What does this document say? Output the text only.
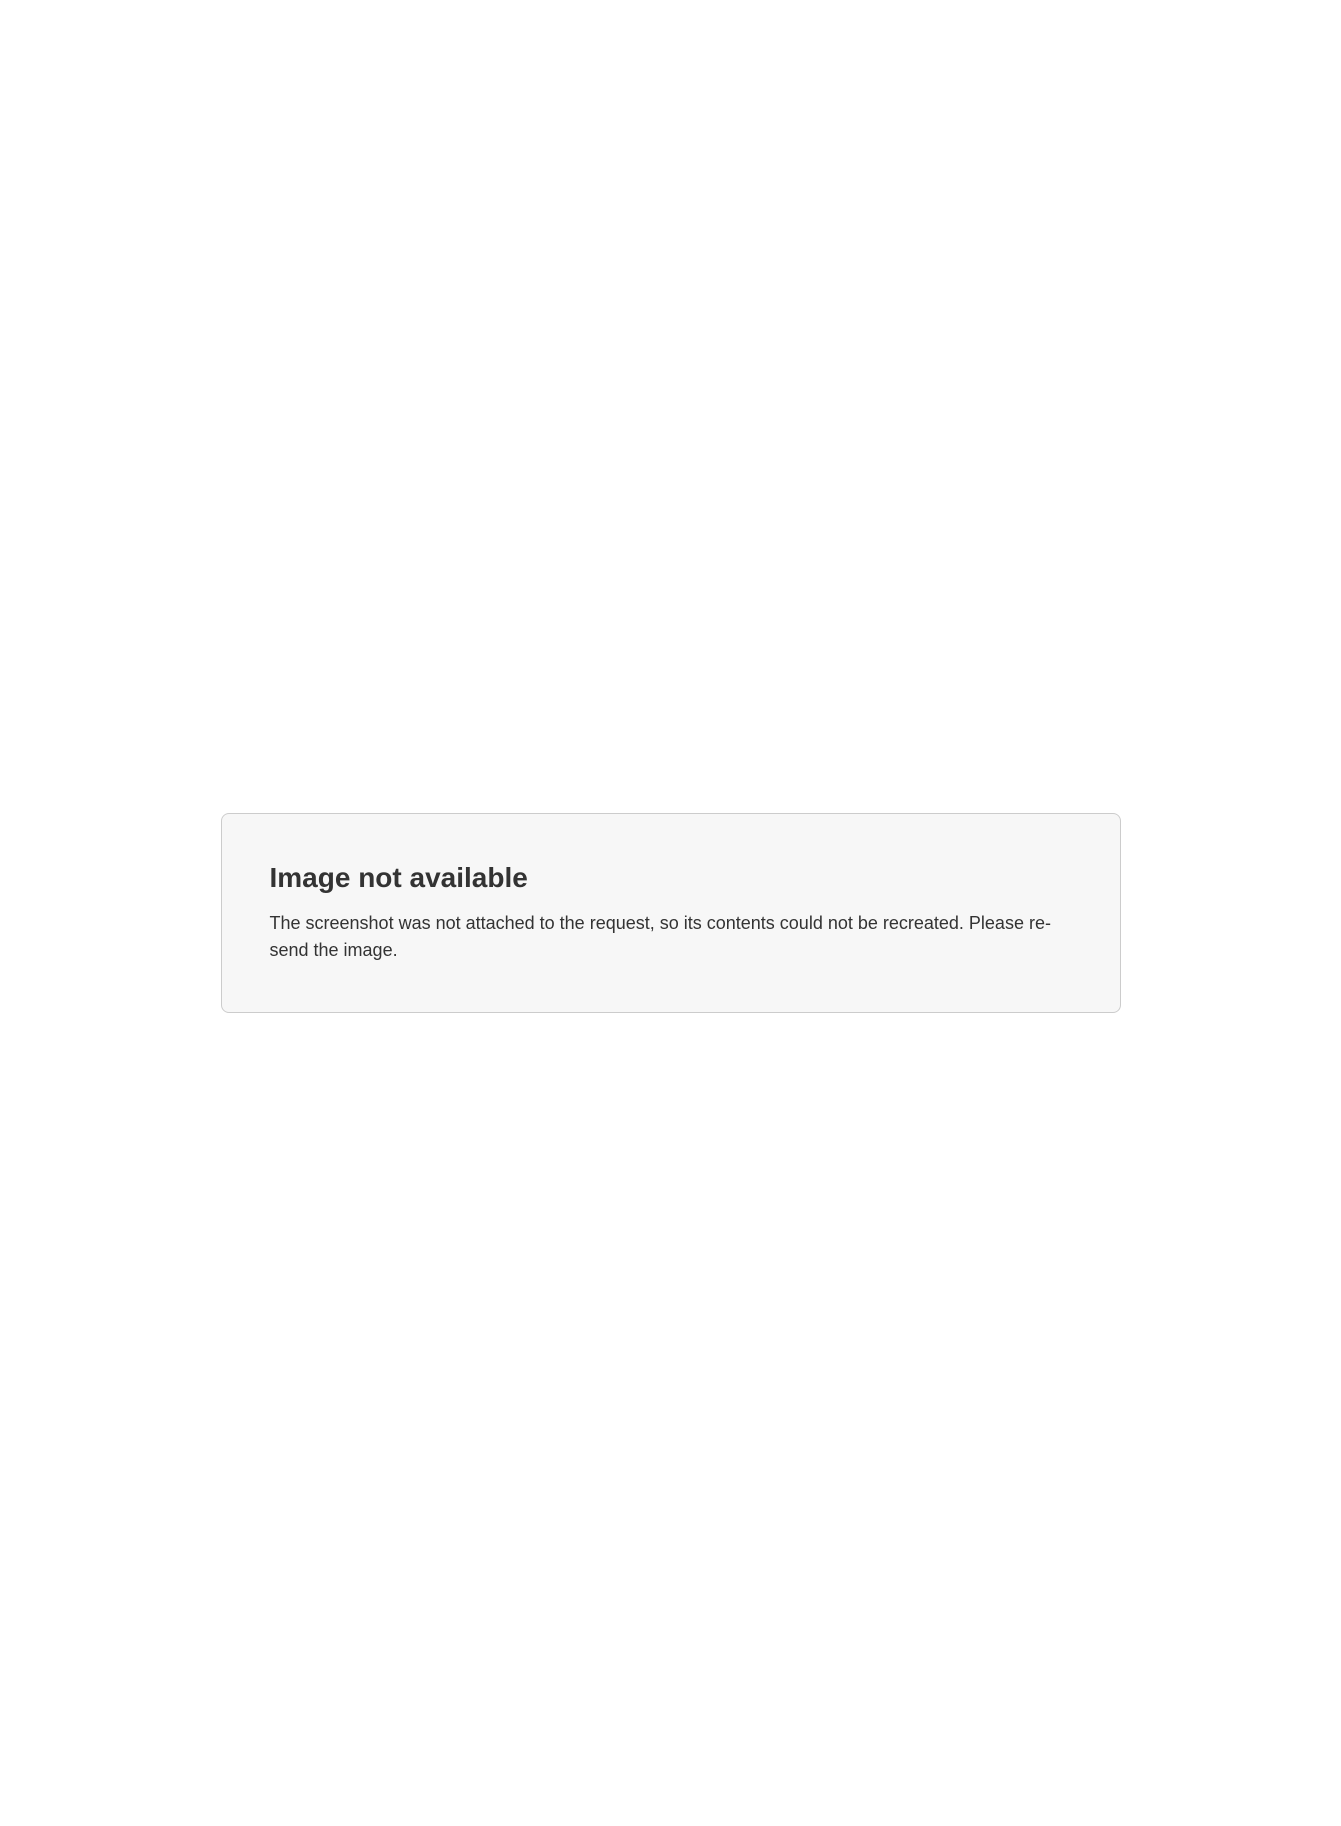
Image not available

The screenshot was not attached to the request, so its contents could not be recreated. Please re-send the image.
